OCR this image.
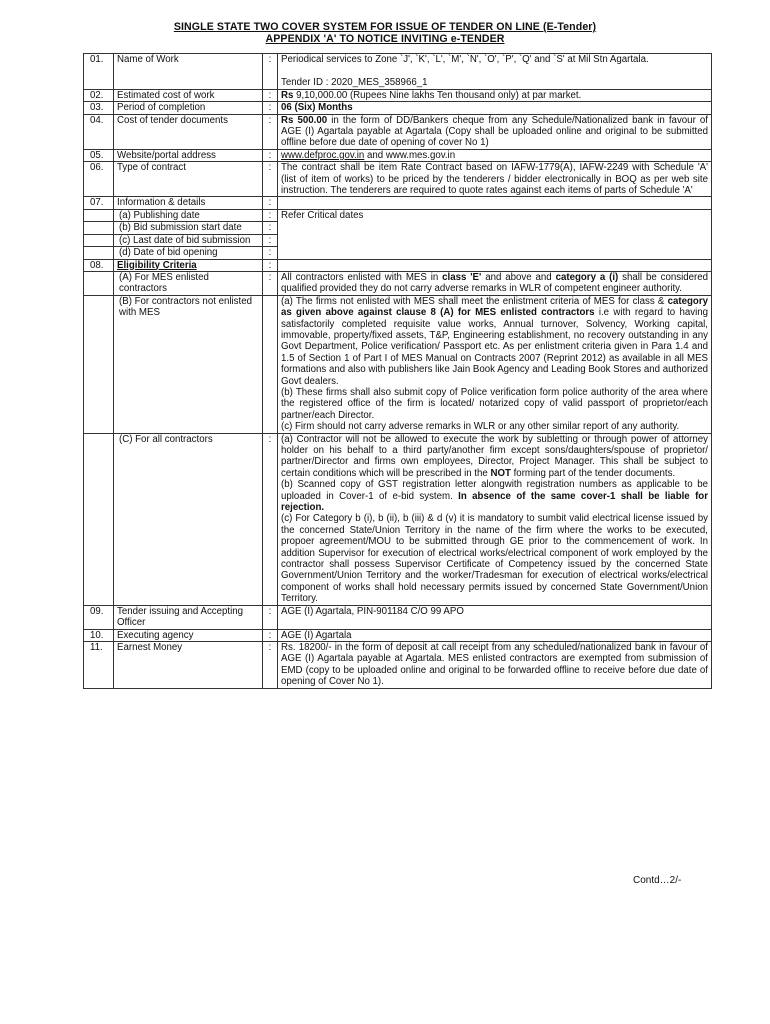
SINGLE STATE TWO COVER SYSTEM FOR ISSUE OF TENDER ON LINE (E-Tender)
APPENDIX 'A' TO NOTICE INVITING e-TENDER
01.	Name of Work	:	Periodical services to Zone `J', `K', `L', `M', `N', `O', `P', `Q' and `S' at Mil Stn Agartala.

Tender ID : 2020_MES_358966_1

02.	Estimated cost of work	:	Rs 9,10,000.00 (Rupees Nine lakhs Ten thousand only) at par market.
03.	Period of completion	:	06 (Six) Months
04.	Cost of tender documents	:	Rs 500.00 in the form of DD/Bankers cheque from any Schedule/Nationalized bank in favour of AGE (I) Agartala payable at Agartala (Copy shall be uploaded online and original to be submitted offline before due date of opening of cover No 1)
05.	Website/portal address	:	www.defproc.gov.in and www.mes.gov.in
06.	Type of contract	:	The contract shall be item Rate Contract based on IAFW-1779(A), IAFW-2249 with Schedule 'A' (list of item of works) to be priced by the tenderers / bidder electronically in BOQ as per web site instruction. The tenderers are required to quote rates against each items of parts of Schedule 'A'
07.	Information & details	:	
	(a) Publishing date	:	Refer Critical dates
	(b) Bid submission start date	:	
	(c) Last date of bid submission	:	
	(d) Date of bid opening	:	
08.	Eligibility Criteria	:	
	(A) For MES enlisted contractors	:	All contractors enlisted with MES in class 'E' and above and category a (i) shall be considered qualified provided they do not carry adverse remarks in WLR of competent engineer authority.
	(B) For contractors not enlisted with MES		(a) The firms not enlisted with MES shall meet the enlistment criteria of MES for class & category as given above against clause 8 (A) for MES enlisted contractors i.e with regard to having satisfactorily completed requisite value works, Annual turnover, Solvency, Working capital, immovable, property/fixed assets, T&P, Engineering establishment, no recovery outstanding in any Govt Department, Police verification/ Passport etc. As per enlistment criteria given in Para 1.4 and 1.5 of Section 1 of Part I of MES Manual on Contracts 2007 (Reprint 2012) as available in all MES formations and also with publishers like Jain Book Agency and Leading Book Stores and authorized Govt dealers.

(b) These firms shall also submit copy of Police verification form police authority of the area where the registered office of the firm is located/ notarized copy of valid passport of proprietor/each partner/each Director.

(c) Firm should not carry adverse remarks in WLR or any other similar report of any authority.

	(C) For all contractors	:	(a) Contractor will not be allowed to execute the work by subletting or through power of attorney holder on his behalf to a third party/another firm except sons/daughters/spouse of proprietor/ partner/Director and firms own employees, Director, Project Manager. This shall be subject to certain conditions which will be prescribed in the NOT forming part of the tender documents.

(b) Scanned copy of GST registration letter alongwith registration numbers as applicable to be uploaded in Cover-1 of e-bid system. In absence of the same cover-1 shall be liable for rejection.

(c) For Category b (i), b (ii), b (iii) & d (v) it is mandatory to sumbit valid electrical license issued by the concerned State/Union Territory in the name of the firm where the works to be executed, propoer agreement/MOU to be submitted through GE prior to the commencement of work. In addition Supervisor for execution of electrical works/electrical component of work employed by the contractor shall possess Supervisor Certificate of Competency issued by the concerned State Government/Union Territory and the worker/Tradesman for execution of electrical works/electrical component of works shall hold necessary permits issued by concerned State Government/Union Territory.

09.	Tender issuing and Accepting Officer	:	AGE (I) Agartala, PIN-901184 C/O 99 APO
10.	Executing agency	:	AGE (I) Agartala
11.	Earnest Money	:	Rs. 18200/- in the form of deposit at call receipt from any scheduled/nationalized bank in favour of AGE (I) Agartala payable at Agartala. MES enlisted contractors are exempted from submission of EMD (copy to be uploaded online and original to be forwarded offline to receive before due date of opening of Cover No 1).
Contd…2/-
